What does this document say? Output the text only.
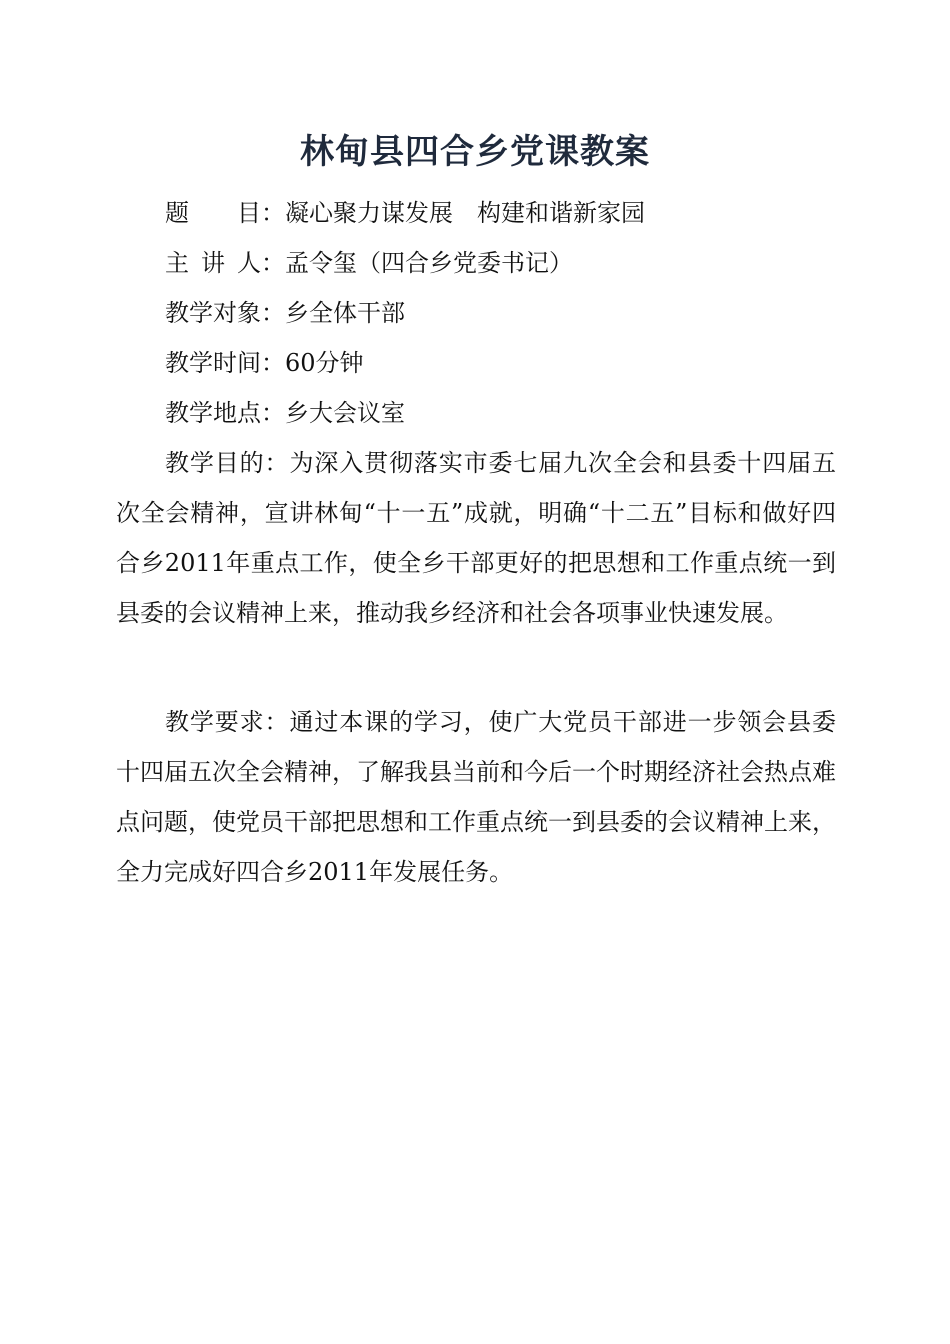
林甸县四合乡党课教案
题目：凝心聚力谋发展　构建和谐新家园
主讲人：孟令玺（四合乡党委书记）
教学对象：乡全体干部
教学时间：60分钟
教学地点：乡大会议室
教学目的：为深入贯彻落实市委七届九次全会和县委十四届五次全会精神，宣讲林甸“十一五”成就，明确“十二五”目标和做好四合乡2011年重点工作，使全乡干部更好的把思想和工作重点统一到县委的会议精神上来，推动我乡经济和社会各项事业快速发展。
教学要求：通过本课的学习，使广大党员干部进一步领会县委十四届五次全会精神，了解我县当前和今后一个时期经济社会热点难点问题，使党员干部把思想和工作重点统一到县委的会议精神上来，全力完成好四合乡2011年发展任务。
